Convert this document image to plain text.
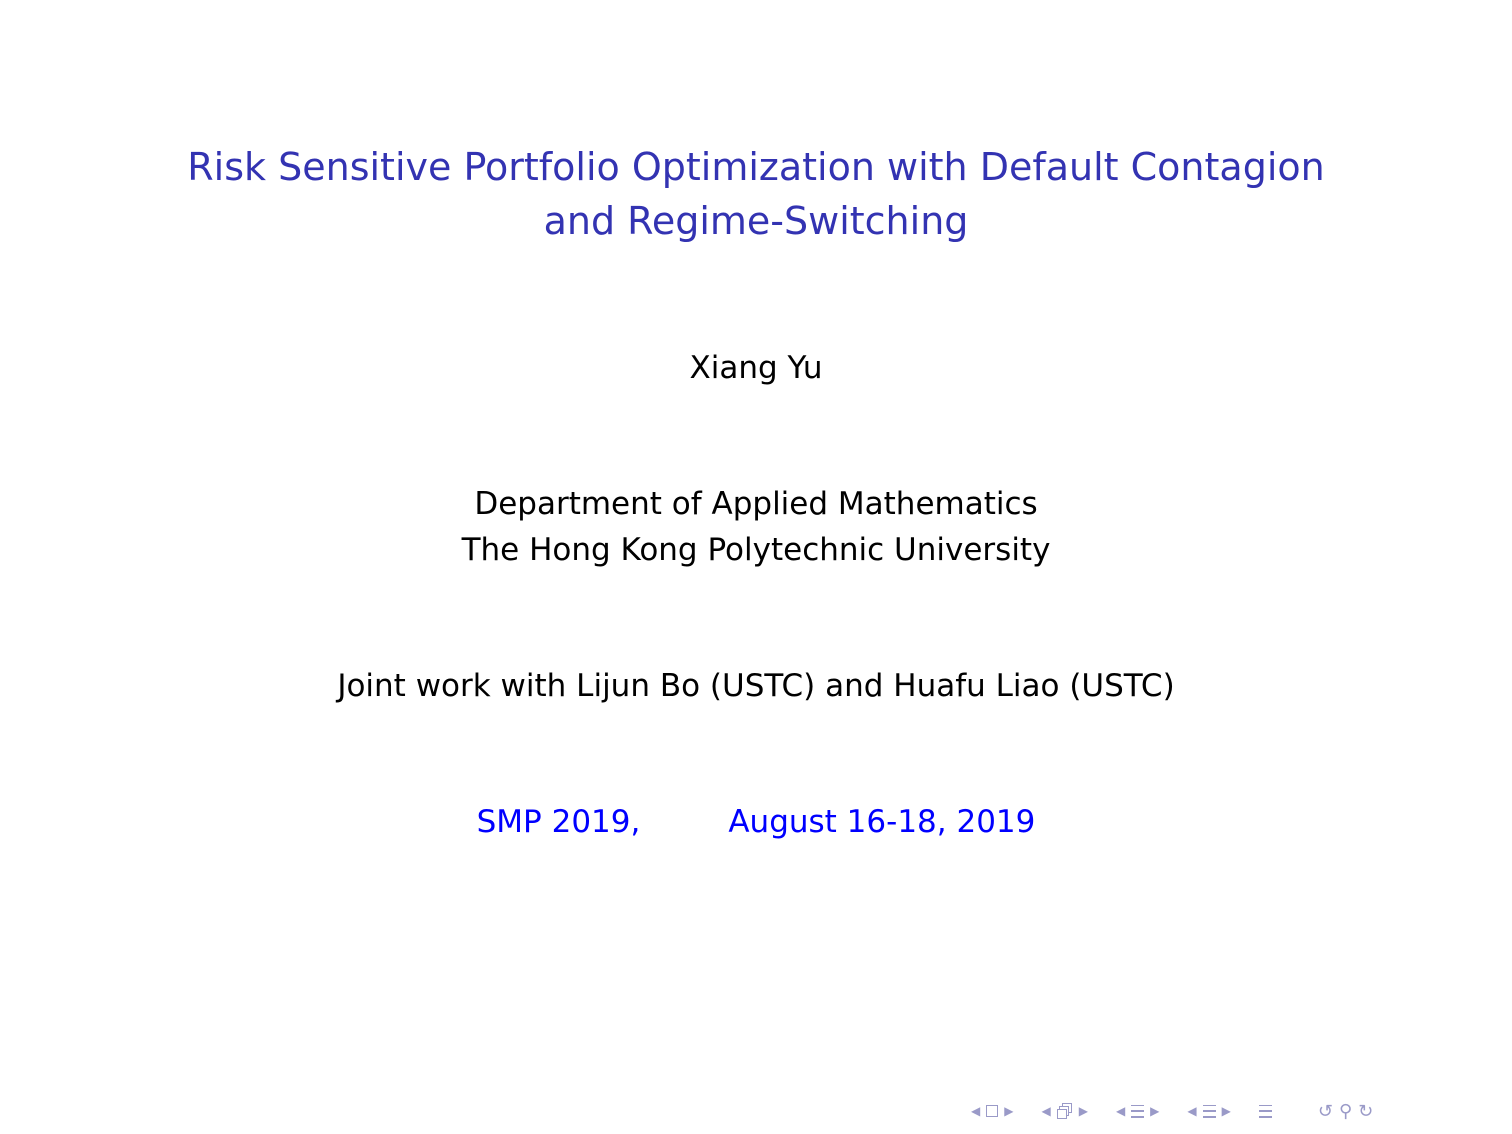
Risk Sensitive Portfolio Optimization with Default Contagion
and Regime-Switching
Xiang Yu
Department of Applied Mathematics
The Hong Kong Polytechnic University
Joint work with Lijun Bo (USTC) and Huafu Liao (USTC)
SMP 2019,	August 16-18, 2019
◀ ▶ ◀ ▶ ◀ ▶ ◀ ▶	↺ ⚲ ↻
